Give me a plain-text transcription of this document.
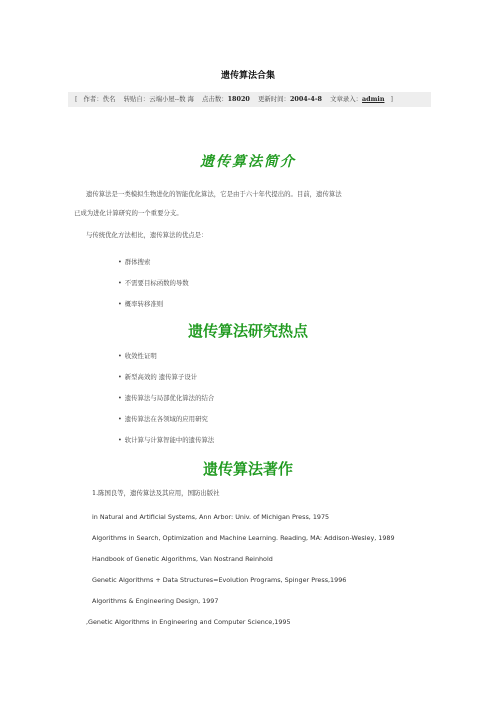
遗传算法合集
[ 作者：佚名 转贴自：云端小屋--数 海 点击数：18020 更新时间：2004-4-8 文章录入：admin ]
遗传算法简介
遗传算法是一类模拟生物进化的智能优化算法，它是由于六十年代提出的。目前，遗传算法
已成为进化计算研究的一个重要分支。
与传统优化方法相比，遗传算法的优点是：
• 群体搜索
• 不需要目标函数的导数
• 概率转移准则
遗传算法研究热点
• 收敛性证明
• 新型高效的 遗传算子设计
• 遗传算法与局部优化算法的结合
• 遗传算法在各领域的应用研究
• 软计算与计算智能中的遗传算法
遗传算法著作
1.陈国良等，遗传算法及其应用，国防出版社
in Natural and Artificial Systems, Ann Arbor: Univ. of Michigan Press, 1975
Algorithms in Search, Optimization and Machine Learning. Reading, MA: Addison-Wesley, 1989
Handbook of Genetic Algorithms, Van Nostrand Reinhold
Genetic Algorithms + Data Structures=Evolution Programs, Spinger Press,1996
Algorithms & Engineering Design, 1997
,Genetic Algorithms in Engineering and Computer Science,1995
